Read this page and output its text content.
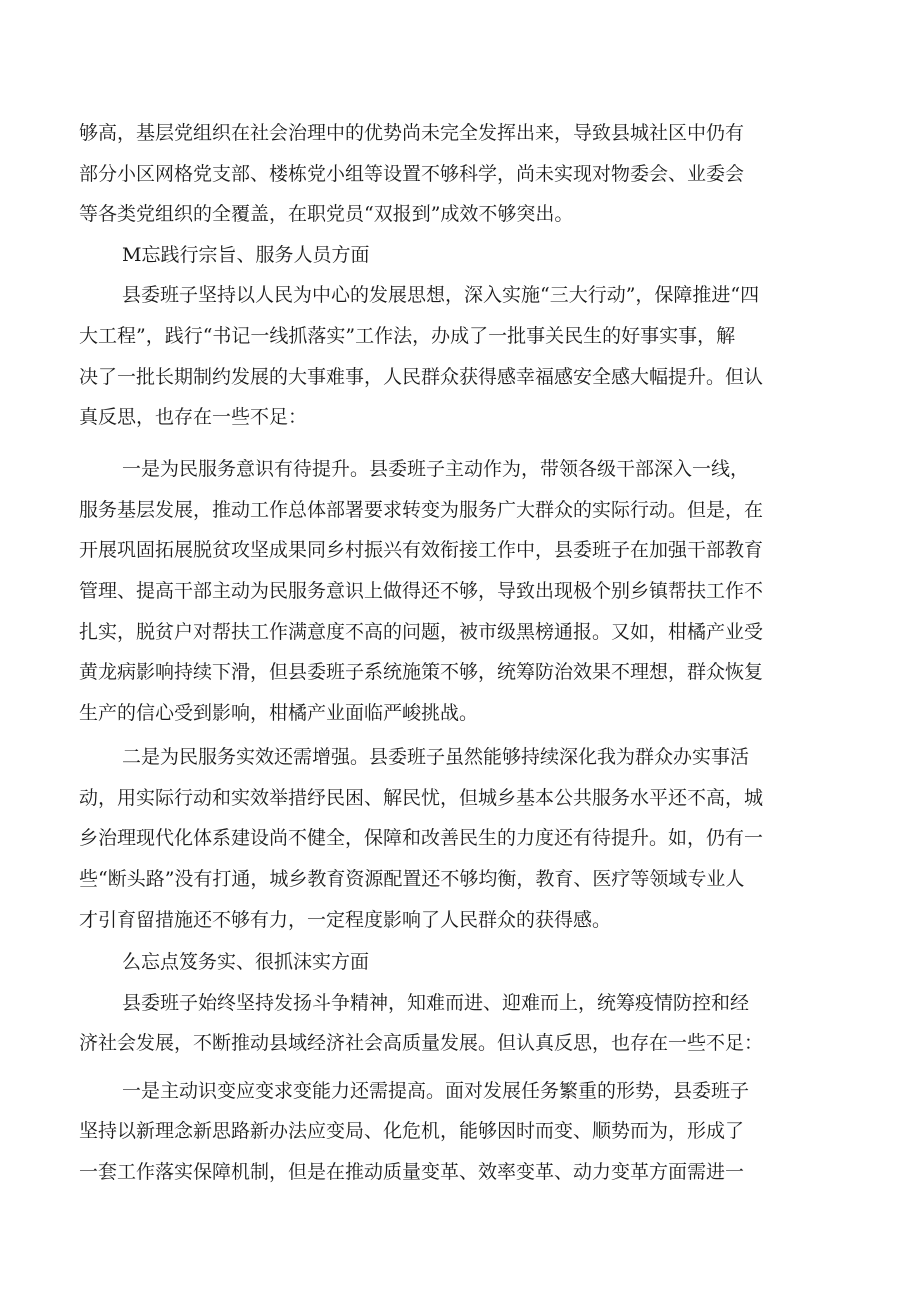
够高，基层党组织在社会治理中的优势尚未完全发挥出来，导致县城社区中仍有
部分小区网格党支部、楼栋党小组等设置不够科学，尚未实现对物委会、业委会
等各类党组织的全覆盖，在职党员“双报到”成效不够突出。
M忘践行宗旨、服务人员方面
县委班子坚持以人民为中心的发展思想，深入实施“三大行动”，保障推进“四
大工程”，践行“书记一线抓落实”工作法，办成了一批事关民生的好事实事，解
决了一批长期制约发展的大事难事，人民群众获得感幸福感安全感大幅提升。但认
真反思，也存在一些不足：
一是为民服务意识有待提升。县委班子主动作为，带领各级干部深入一线，
服务基层发展，推动工作总体部署要求转变为服务广大群众的实际行动。但是，在
开展巩固拓展脱贫攻坚成果同乡村振兴有效衔接工作中，县委班子在加强干部教育
管理、提高干部主动为民服务意识上做得还不够，导致出现极个别乡镇帮扶工作不
扎实，脱贫户对帮扶工作满意度不高的问题，被市级黑榜通报。又如，柑橘产业受
黄龙病影响持续下滑，但县委班子系统施策不够，统筹防治效果不理想，群众恢复
生产的信心受到影响，柑橘产业面临严峻挑战。
二是为民服务实效还需增强。县委班子虽然能够持续深化我为群众办实事活
动，用实际行动和实效举措纾民困、解民忧，但城乡基本公共服务水平还不高，城
乡治理现代化体系建设尚不健全，保障和改善民生的力度还有待提升。如，仍有一
些“断头路”没有打通，城乡教育资源配置还不够均衡，教育、医疗等领域专业人
才引育留措施还不够有力，一定程度影响了人民群众的获得感。
么忘点笈务实、很抓沫实方面
县委班子始终坚持发扬斗争精神，知难而进、迎难而上，统筹疫情防控和经
济社会发展，不断推动县域经济社会高质量发展。但认真反思，也存在一些不足：
一是主动识变应变求变能力还需提高。面对发展任务繁重的形势，县委班子
坚持以新理念新思路新办法应变局、化危机，能够因时而变、顺势而为，形成了
一套工作落实保障机制，但是在推动质量变革、效率变革、动力变革方面需进一
